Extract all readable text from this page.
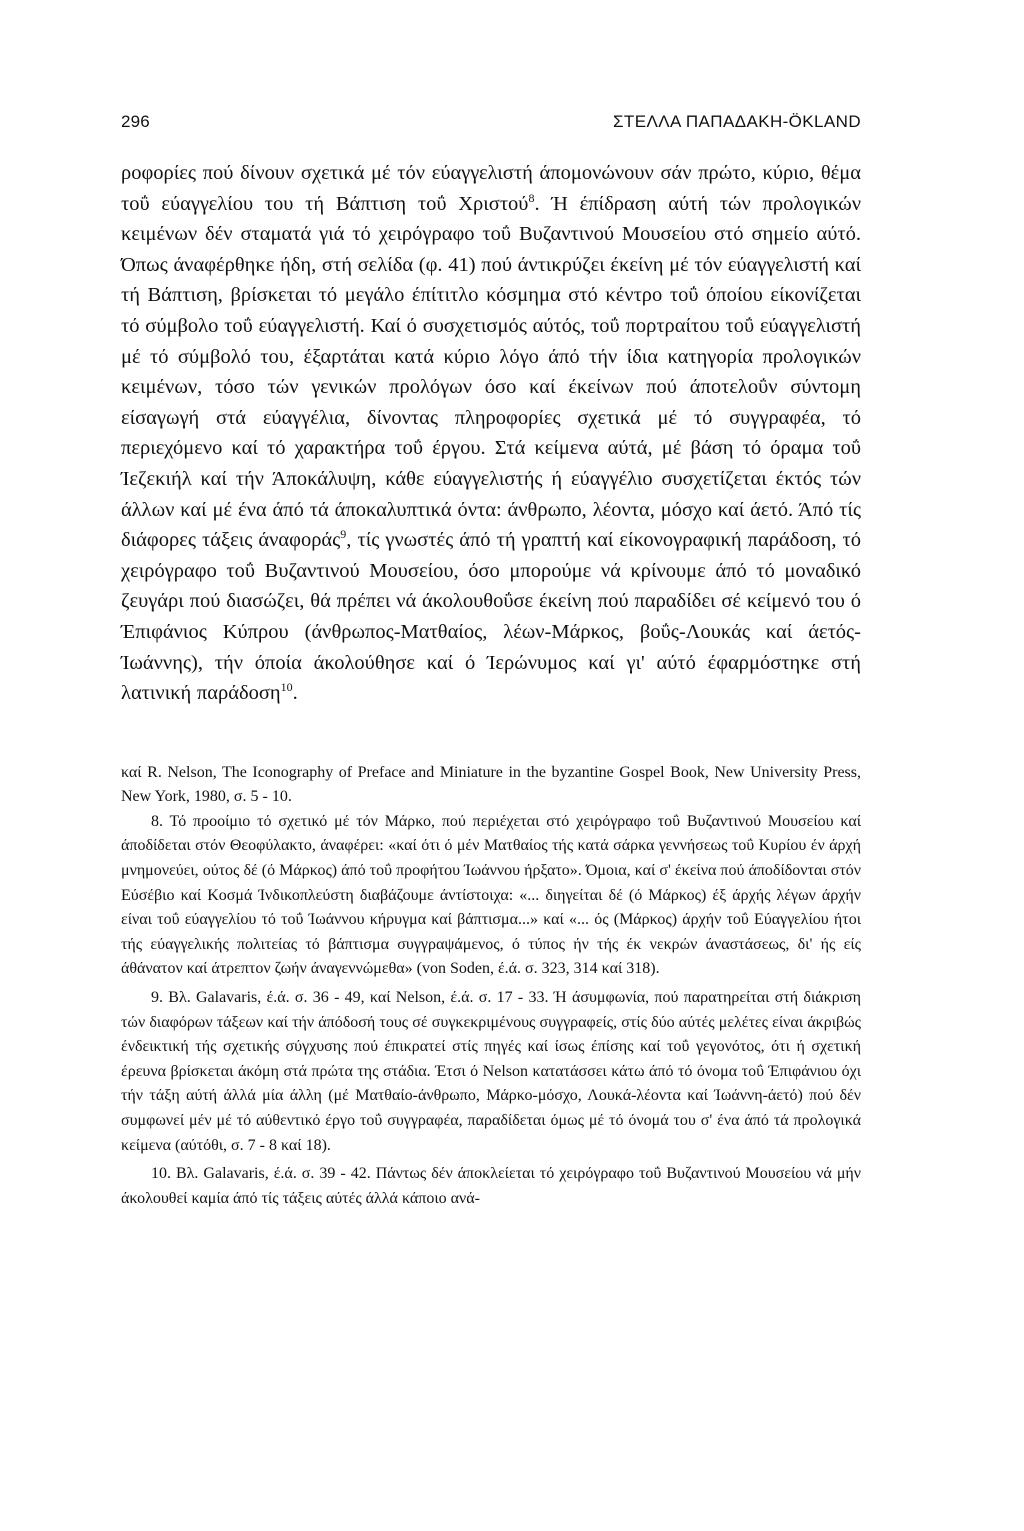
296	ΣΤΕΛΛΑ ΠΑΠΑΔΑΚΗ-ÖKLAND

ροφορίες πού δίνουν σχετικά μέ τόν εύαγγελιστή άπομονώνουν σάν πρώτο, κύριο, θέμα τοΰ εύαγγελίου του τή Βάπτιση τοΰ Χριστού$^8$. Ή έπίδραση αύτή τών προλογικών κειμένων δέν σταματά γιά τό χειρόγραφο τοΰ Βυζαντινού Μουσείου στό σημείο αύτό. Όπως άναφέρθηκε ήδη, στή σελίδα (φ. 41) πού άντικρύζει έκείνη μέ τόν εύαγγελιστή καί τή Βάπτιση, βρίσκεται τό μεγάλο έπίτιτλο κόσμημα στό κέντρο τοΰ όποίου είκονίζεται τό σύμβολο τοΰ εύαγγελιστή. Καί ό συσχετισμός αύτός, τοΰ πορτραίτου τοΰ εύαγγελιστή μέ τό σύμβολό του, έξαρτάται κατά κύριο λόγο άπό τήν ίδια κατηγορία προλογικών κειμένων, τόσο τών γενικών προλόγων όσο καί έκείνων πού άποτελοΰν σύντομη είσαγωγή στά εύαγγέλια, δίνοντας πληροφορίες σχετικά μέ τό συγγραφέα, τό περιεχόμενο καί τό χαρακτήρα τοΰ έργου. Στά κείμενα αύτά, μέ βάση τό όραμα τοΰ Ίεζεκιήλ καί τήν Άποκάλυψη, κάθε εύαγγελιστής ή εύαγγέλιο συσχετίζεται έκτός τών άλλων καί μέ ένα άπό τά άποκαλυπτικά όντα: άνθρωπο, λέοντα, μόσχο καί άετό. Άπό τίς διάφορες τάξεις άναφοράς$^9$, τίς γνωστές άπό τή γραπτή καί είκονογραφική παράδοση, τό χειρόγραφο τοΰ Βυζαντινού Μουσείου, όσο μπορούμε νά κρίνουμε άπό τό μοναδικό ζευγάρι πού διασώζει, θά πρέπει νά άκολουθοΰσε έκείνη πού παραδίδει σέ κείμενό του ό Έπιφάνιος Κύπρου (άνθρωπος-Ματθαίος, λέων-Μάρκος, βοΰς-Λουκάς καί άετός-Ίωάννης), τήν όποία άκολούθησε καί ό Ίερώνυμος καί γι' αύτό έφαρμόστηκε στή λατινική παράδοση$^{10}$.

καί R. Nelson, The Iconography of Preface and Miniature in the byzantine Gospel Book, New University Press, New York, 1980, σ. 5 - 10.

8. Τό προοίμιο τό σχετικό μέ τόν Μάρκο, πού περιέχεται στό χειρόγραφο τοΰ Βυζαντινού Μουσείου καί άποδίδεται στόν Θεοφύλακτο, άναφέρει: «καί ότι ό μέν Ματθαίος τής κατά σάρκα γεννήσεως τοΰ Κυρίου έν άρχή μνημονεύει, ούτος δέ (ό Μάρκος) άπό τοΰ προφήτου Ίωάννου ήρξατο». Όμοια, καί σ' έκείνα πού άποδίδονται στόν Εύσέβιο καί Κοσμά Ίνδικοπλεύστη διαβάζουμε άντίστοιχα: «... διηγείται δέ (ό Μάρκος) έξ άρχής λέγων άρχήν είναι τοΰ εύαγγελίου τό τοΰ Ίωάννου κήρυγμα καί βάπτισμα...» καί «... ός (Μάρκος) άρχήν τοΰ Εύαγγελίου ήτοι τής εύαγγελικής πολιτείας τό βάπτισμα συγγραψάμενος, ό τύπος ήν τής έκ νεκρών άναστάσεως, δι' ής είς άθάνατον καί άτρεπτον ζωήν άναγεννώμεθα» (von Soden, έ.ά. σ. 323, 314 καί 318).

9. Βλ. Galavaris, έ.ά. σ. 36 - 49, καί Nelson, έ.ά. σ. 17 - 33. Ή άσυμφωνία, πού παρατηρείται στή διάκριση τών διαφόρων τάξεων καί τήν άπόδοσή τους σέ συγκεκριμένους συγγραφείς, στίς δύο αύτές μελέτες είναι άκριβώς ένδεικτική τής σχετικής σύγχυσης πού έπικρατεί στίς πηγές καί ίσως έπίσης καί τοΰ γεγονότος, ότι ή σχετική έρευνα βρίσκεται άκόμη στά πρώτα της στάδια. Έτσι ό Nelson κατατάσσει κάτω άπό τό όνομα τοΰ Έπιφάνιου όχι τήν τάξη αύτή άλλά μία άλλη (μέ Ματθαίο-άνθρωπο, Μάρκο-μόσχο, Λουκά-λέοντα καί Ίωάννη-άετό) πού δέν συμφωνεί μέν μέ τό αύθεντικό έργο τοΰ συγγραφέα, παραδίδεται όμως μέ τό όνομά του σ' ένα άπό τά προλογικά κείμενα (αύτόθι, σ. 7 - 8 καί 18).

10. Βλ. Galavaris, έ.ά. σ. 39 - 42. Πάντως δέν άποκλείεται τό χειρόγραφο τοΰ Βυζαντινού Μουσείου νά μήν άκολουθεί καμία άπό τίς τάξεις αύτές άλλά κάποιο ανά-
